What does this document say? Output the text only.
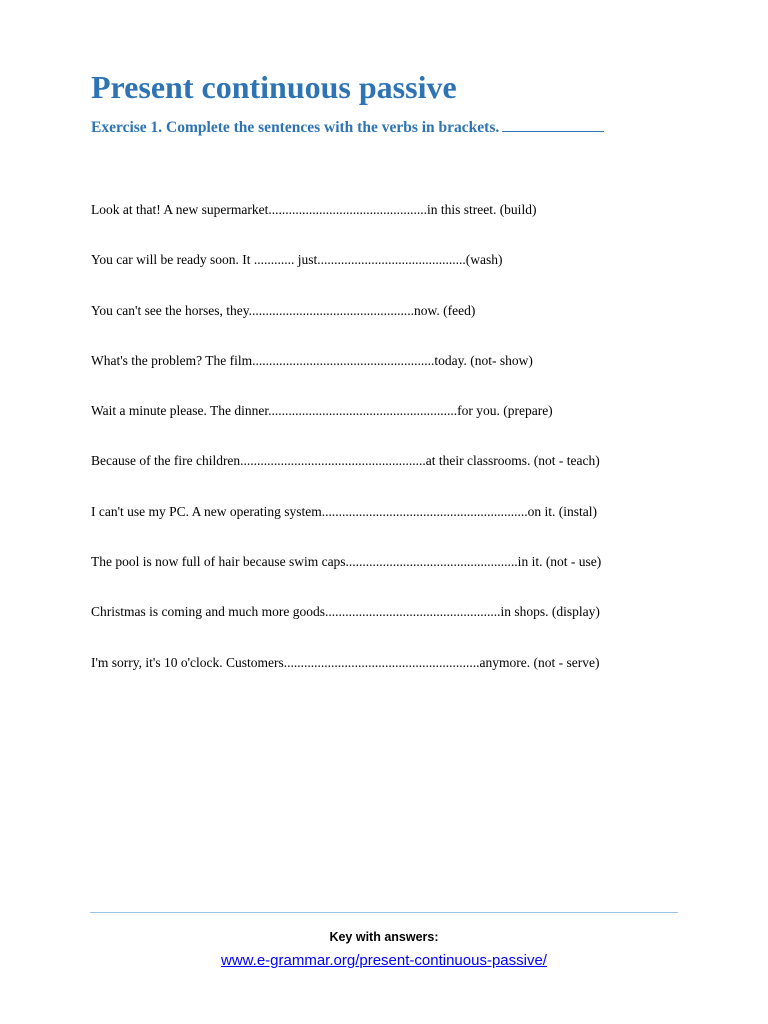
Present continuous passive

Exercise 1. Complete the sentences with the verbs in brackets.

Look at that! A new supermarket...............................................in this street. (build)
You car will be ready soon. It ............ just............................................(wash)
You can't see the horses, they.................................................now. (feed)
What's the problem? The film......................................................today. (not- show)
Wait a minute please. The dinner........................................................for you. (prepare)
Because of the fire children.......................................................at their classrooms. (not - teach)
I can't use my PC. A new operating system.............................................................on it. (instal)
The pool is now full of hair because swim caps...................................................in it. (not - use)
Christmas is coming and much more goods....................................................in shops. (display)
I'm sorry, it's 10 o'clock. Customers..........................................................anymore. (not - serve)
Key with answers:
www.e-grammar.org/present-continuous-passive/
